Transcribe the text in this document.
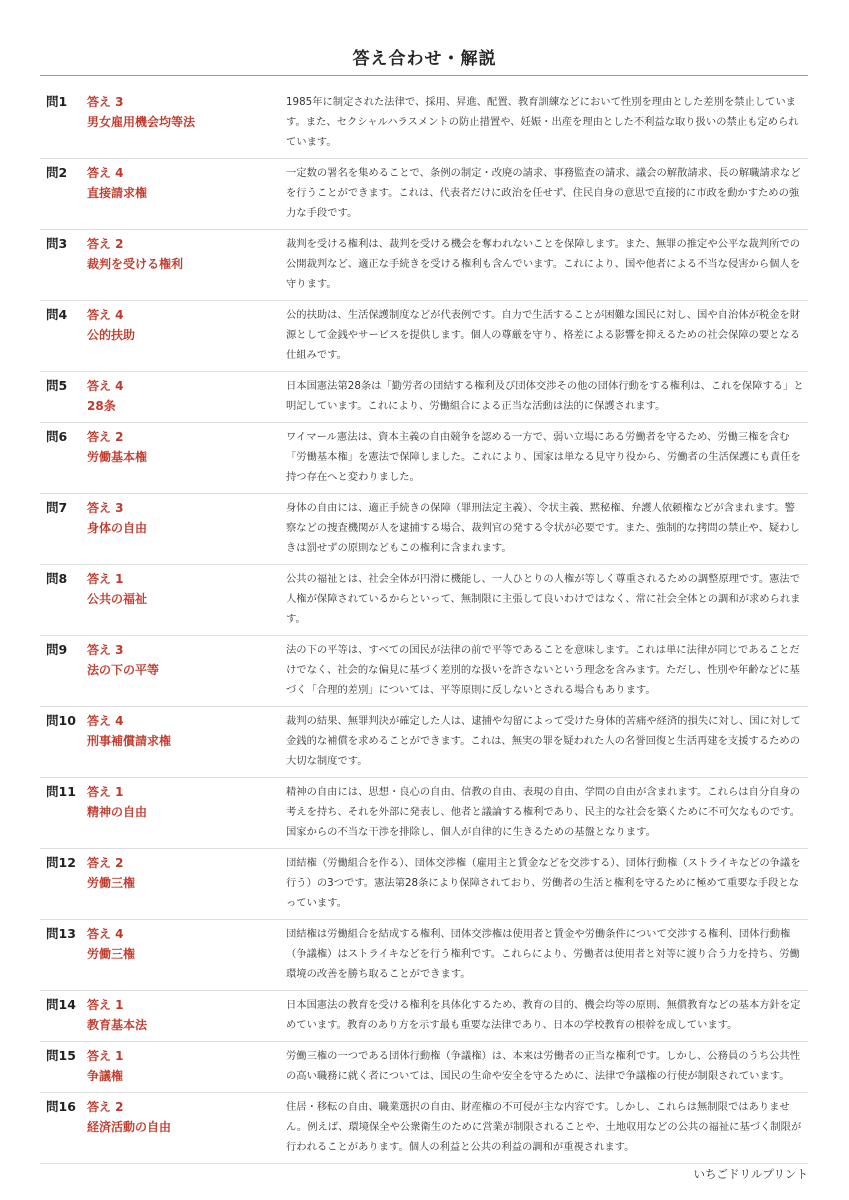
答え合わせ・解説
問1	答え 3
男女雇用機会均等法
1985年に制定された法律で、採用、昇進、配置、教育訓練などにおいて性別を理由とした差別を禁止しています。また、セクシャルハラスメントの防止措置や、妊娠・出産を理由とした不利益な取り扱いの禁止も定められています。
問2	答え 4
直接請求権
一定数の署名を集めることで、条例の制定・改廃の請求、事務監査の請求、議会の解散請求、長の解職請求などを行うことができます。これは、代表者だけに政治を任せず、住民自身の意思で直接的に市政を動かすための強力な手段です。
問3	答え 2
裁判を受ける権利
裁判を受ける権利は、裁判を受ける機会を奪われないことを保障します。また、無罪の推定や公平な裁判所での公開裁判など、適正な手続きを受ける権利も含んでいます。これにより、国や他者による不当な侵害から個人を守ります。
問4	答え 4
公的扶助
公的扶助は、生活保護制度などが代表例です。自力で生活することが困難な国民に対し、国や自治体が税金を財源として金銭やサービスを提供します。個人の尊厳を守り、格差による影響を抑えるための社会保障の要となる仕組みです。
問5	答え 4
28条
日本国憲法第28条は「勤労者の団結する権利及び団体交渉その他の団体行動をする権利は、これを保障する」と明記しています。これにより、労働組合による正当な活動は法的に保護されます。
問6	答え 2
労働基本権
ワイマール憲法は、資本主義の自由競争を認める一方で、弱い立場にある労働者を守るため、労働三権を含む「労働基本権」を憲法で保障しました。これにより、国家は単なる見守り役から、労働者の生活保護にも責任を持つ存在へと変わりました。
問7	答え 3
身体の自由
身体の自由には、適正手続きの保障（罪刑法定主義）、令状主義、黙秘権、弁護人依頼権などが含まれます。警察などの捜査機関が人を逮捕する場合、裁判官の発する令状が必要です。また、強制的な拷問の禁止や、疑わしきは罰せずの原則などもこの権利に含まれます。
問8	答え 1
公共の福祉
公共の福祉とは、社会全体が円滑に機能し、一人ひとりの人権が等しく尊重されるための調整原理です。憲法で人権が保障されているからといって、無制限に主張して良いわけではなく、常に社会全体との調和が求められます。
問9	答え 3
法の下の平等
法の下の平等は、すべての国民が法律の前で平等であることを意味します。これは単に法律が同じであることだけでなく、社会的な偏見に基づく差別的な扱いを許さないという理念を含みます。ただし、性別や年齢などに基づく「合理的差別」については、平等原則に反しないとされる場合もあります。
問10 答え 4
刑事補償請求権
裁判の結果、無罪判決が確定した人は、逮捕や勾留によって受けた身体的苦痛や経済的損失に対し、国に対して金銭的な補償を求めることができます。これは、無実の罪を疑われた人の名誉回復と生活再建を支援するための大切な制度です。
問11 答え 1
精神の自由
精神の自由には、思想・良心の自由、信教の自由、表現の自由、学問の自由が含まれます。これらは自分自身の考えを持ち、それを外部に発表し、他者と議論する権利であり、民主的な社会を築くために不可欠なものです。国家からの不当な干渉を排除し、個人が自律的に生きるための基盤となります。
問12 答え 2
労働三権
団結権（労働組合を作る）、団体交渉権（雇用主と賃金などを交渉する）、団体行動権（ストライキなどの争議を行う）の3つです。憲法第28条により保障されており、労働者の生活と権利を守るために極めて重要な手段となっています。
問13 答え 4
労働三権
団結権は労働組合を結成する権利、団体交渉権は使用者と賃金や労働条件について交渉する権利、団体行動権（争議権）はストライキなどを行う権利です。これらにより、労働者は使用者と対等に渡り合う力を持ち、労働環境の改善を勝ち取ることができます。
問14 答え 1
教育基本法
日本国憲法の教育を受ける権利を具体化するため、教育の目的、機会均等の原則、無償教育などの基本方針を定めています。教育のあり方を示す最も重要な法律であり、日本の学校教育の根幹を成しています。
問15 答え 1
争議権
労働三権の一つである団体行動権（争議権）は、本来は労働者の正当な権利です。しかし、公務員のうち公共性の高い職務に就く者については、国民の生命や安全を守るために、法律で争議権の行使が制限されています。
問16 答え 2
経済活動の自由
住居・移転の自由、職業選択の自由、財産権の不可侵が主な内容です。しかし、これらは無制限ではありません。例えば、環境保全や公衆衛生のために営業が制限されることや、土地収用などの公共の福祉に基づく制限が行われることがあります。個人の利益と公共の利益の調和が重視されます。
いちごドリルプリント
